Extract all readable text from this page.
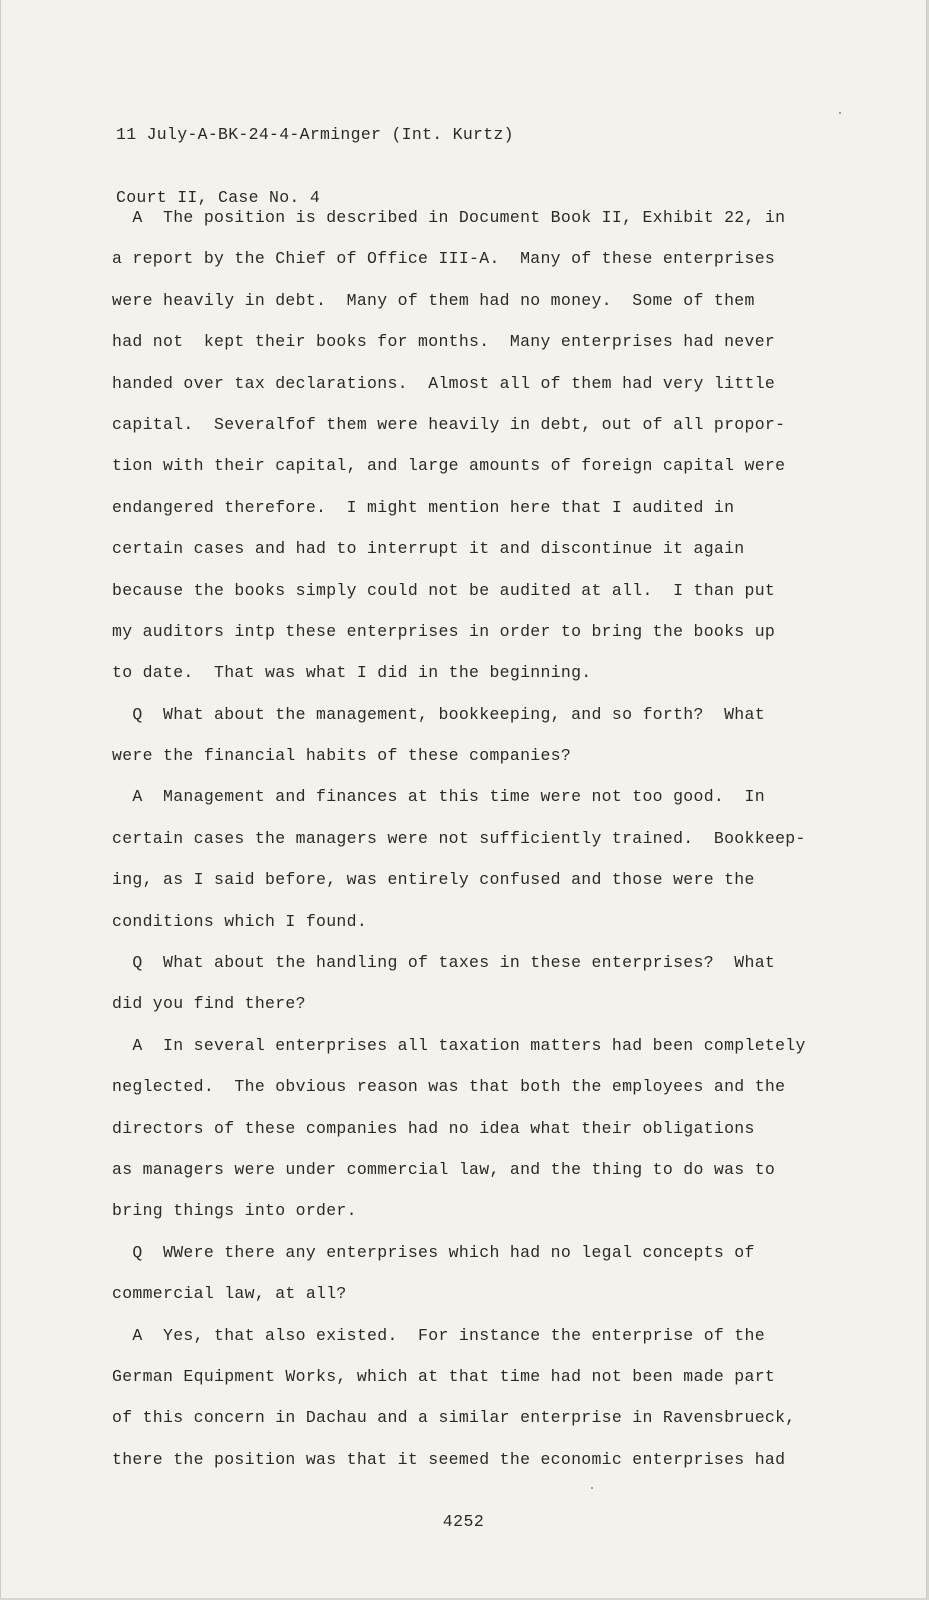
11 July-A-BK-24-4-Arminger (Int. Kurtz)

Court II, Case No. 4

A  The position is described in Document Book II, Exhibit 22, in
a report by the Chief of Office III-A.  Many of these enterprises
were heavily in debt.  Many of them had no money.  Some of them
had not  kept their books for months.  Many enterprises had never
handed over tax declarations.  Almost all of them had very little
capital.  Severalfof them were heavily in debt, out of all propor-
tion with their capital, and large amounts of foreign capital were
endangered therefore.  I might mention here that I audited in
certain cases and had to interrupt it and discontinue it again
because the books simply could not be audited at all.  I than put
my auditors intp these enterprises in order to bring the books up
to date.  That was what I did in the beginning.
Q  What about the management, bookkeeping, and so forth?  What
were the financial habits of these companies?
A  Management and finances at this time were not too good.  In
certain cases the managers were not sufficiently trained.  Bookkeep-
ing, as I said before, was entirely confused and those were the
conditions which I found.
Q  What about the handling of taxes in these enterprises?  What
did you find there?
A  In several enterprises all taxation matters had been completely
neglected.  The obvious reason was that both the employees and the
directors of these companies had no idea what their obligations
as managers were under commercial law, and the thing to do was to
bring things into order.
Q  WWere there any enterprises which had no legal concepts of
commercial law, at all?
A  Yes, that also existed.  For instance the enterprise of the
German Equipment Works, which at that time had not been made part
of this concern in Dachau and a similar enterprise in Ravensbrueck,
there the position was that it seemed the economic enterprises had
4252
